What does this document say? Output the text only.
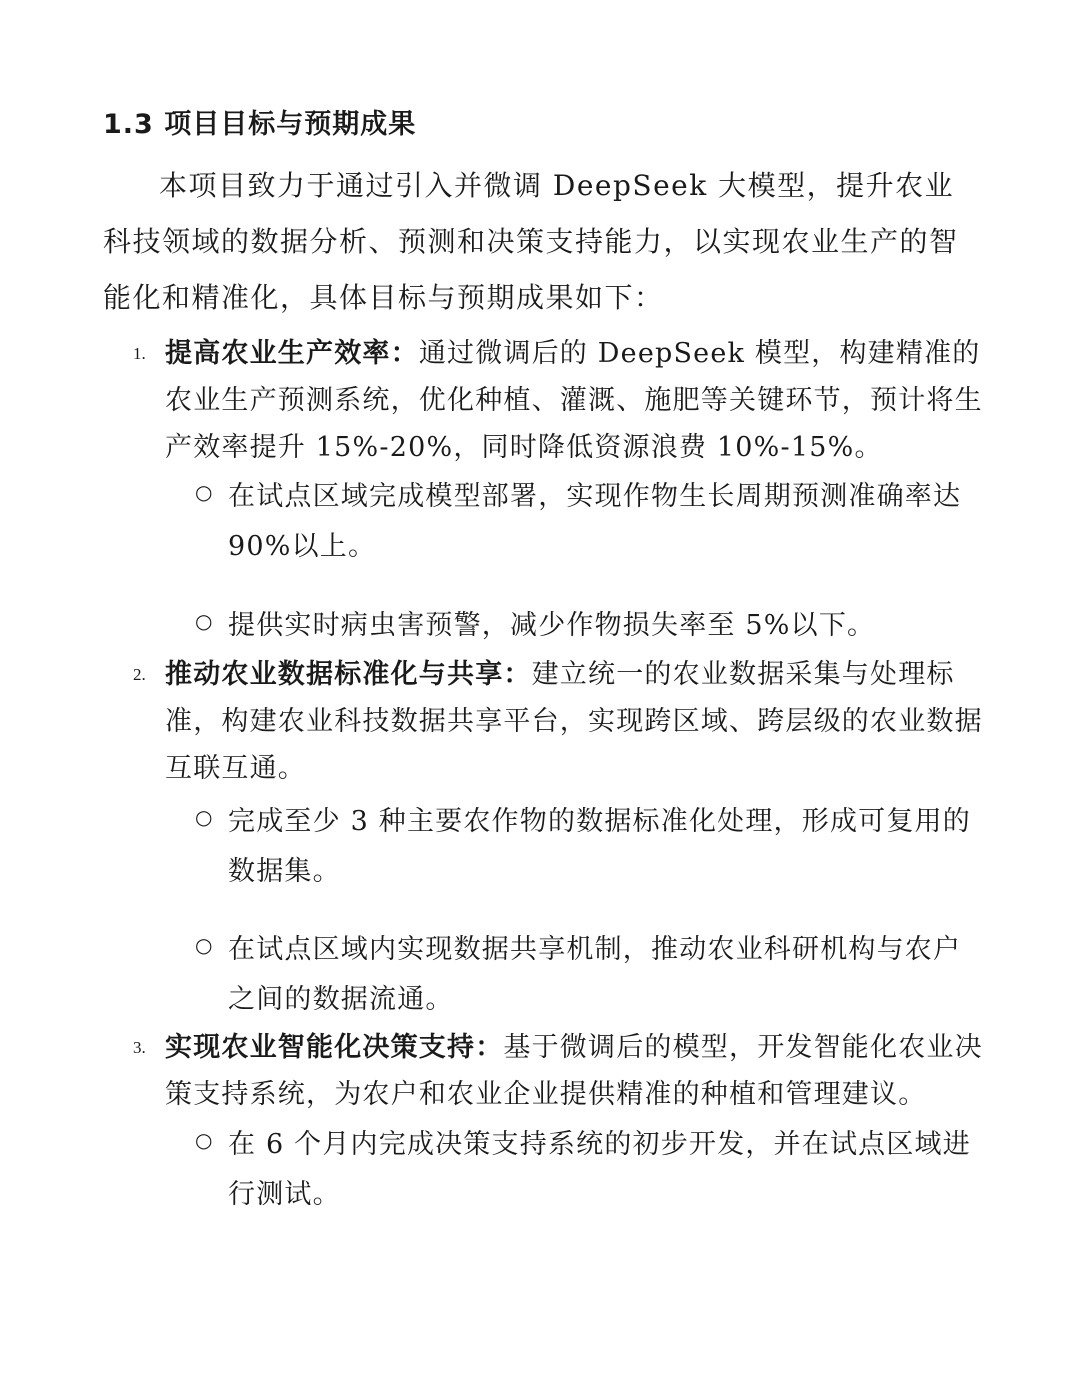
1.3 项目目标与预期成果
本项目致力于通过引入并微调 DeepSeek 大模型，提升农业科技领域的数据分析、预测和决策支持能力，以实现农业生产的智能化和精准化，具体目标与预期成果如下：
1. 提高农业生产效率：通过微调后的 DeepSeek 模型，构建精准的农业生产预测系统，优化种植、灌溉、施肥等关键环节，预计将生产效率提升 15%-20%，同时降低资源浪费 10%-15%。
○ 在试点区域完成模型部署，实现作物生长周期预测准确率达 90%以上。
○ 提供实时病虫害预警，减少作物损失率至 5%以下。
2. 推动农业数据标准化与共享：建立统一的农业数据采集与处理标准，构建农业科技数据共享平台，实现跨区域、跨层级的农业数据互联互通。
○ 完成至少 3 种主要农作物的数据标准化处理，形成可复用的数据集。
○ 在试点区域内实现数据共享机制，推动农业科研机构与农户之间的数据流通。
3. 实现农业智能化决策支持：基于微调后的模型，开发智能化农业决策支持系统，为农户和农业企业提供精准的种植和管理建议。
○ 在 6 个月内完成决策支持系统的初步开发，并在试点区域进行测试。
